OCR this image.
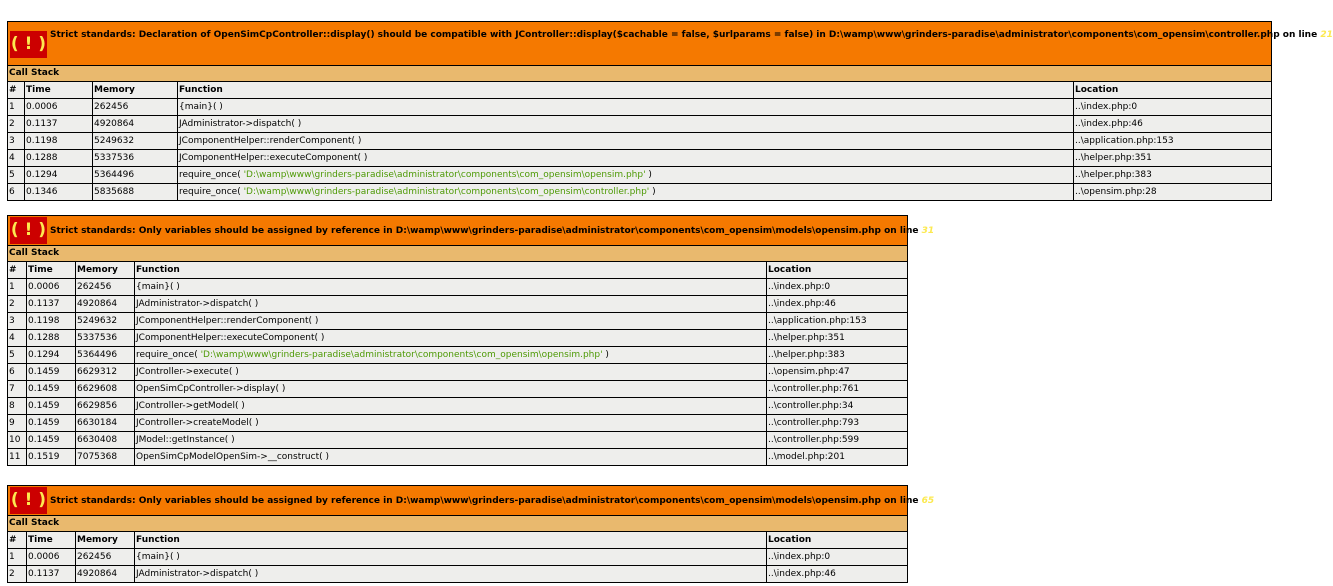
( ! ) Strict standards: Declaration of OpenSimCpController::display() should be compatible with JController::display($cachable = false, $urlparams = false) in D:\wamp\www\grinders-paradise\administrator\components\com_opensim\controller.php on line 21				
Call Stack				
#	Time	Memory	Function	Location
1	0.0006	262456	{main}( )	..\index.php:0
2	0.1137	4920864	JAdministrator->dispatch( )	..\index.php:46
3	0.1198	5249632	JComponentHelper::renderComponent( )	..\application.php:153
4	0.1288	5337536	JComponentHelper::executeComponent( )	..\helper.php:351
5	0.1294	5364496	require_once( 'D:\wamp\www\grinders-paradise\administrator\components\com_opensim\opensim.php' )	..\helper.php:383
6	0.1346	5835688	require_once( 'D:\wamp\www\grinders-paradise\administrator\components\com_opensim\controller.php' )	..\opensim.php:28
( ! ) Strict standards: Only variables should be assigned by reference in D:\wamp\www\grinders-paradise\administrator\components\com_opensim\models\opensim.php on line 31				
Call Stack				
#	Time	Memory	Function	Location
1	0.0006	262456	{main}( )	..\index.php:0
2	0.1137	4920864	JAdministrator->dispatch( )	..\index.php:46
3	0.1198	5249632	JComponentHelper::renderComponent( )	..\application.php:153
4	0.1288	5337536	JComponentHelper::executeComponent( )	..\helper.php:351
5	0.1294	5364496	require_once( 'D:\wamp\www\grinders-paradise\administrator\components\com_opensim\opensim.php' )	..\helper.php:383
6	0.1459	6629312	JController->execute( )	..\opensim.php:47
7	0.1459	6629608	OpenSimCpController->display( )	..\controller.php:761
8	0.1459	6629856	JController->getModel( )	..\controller.php:34
9	0.1459	6630184	JController->createModel( )	..\controller.php:793
10	0.1459	6630408	JModel::getInstance( )	..\controller.php:599
11	0.1519	7075368	OpenSimCpModelOpenSim->__construct( )	..\model.php:201
( ! ) Strict standards: Only variables should be assigned by reference in D:\wamp\www\grinders-paradise\administrator\components\com_opensim\models\opensim.php on line 65				
Call Stack				
#	Time	Memory	Function	Location
1	0.0006	262456	{main}( )	..\index.php:0
2	0.1137	4920864	JAdministrator->dispatch( )	..\index.php:46
